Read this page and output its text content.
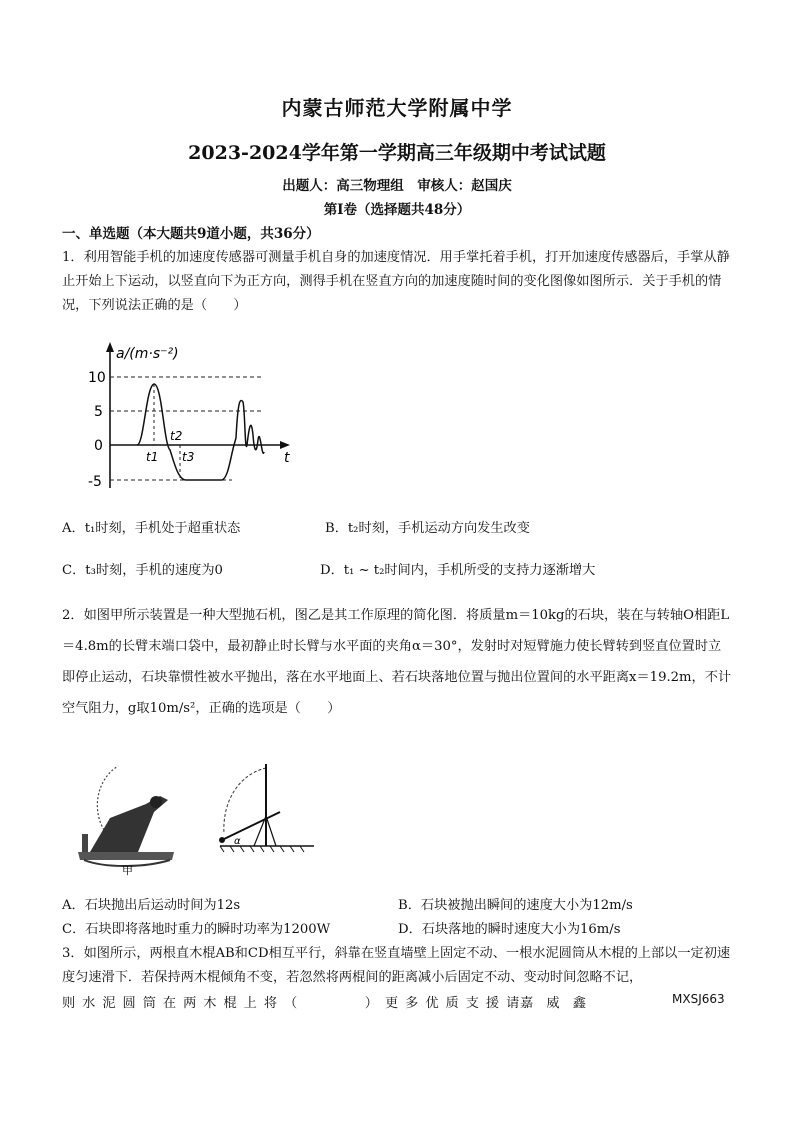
内蒙古师范大学附属中学
2023-2024学年第一学期高三年级期中考试试题
出题人：高三物理组　审核人：赵国庆
第Ⅰ卷（选择题共48分）
一、单选题（本大题共9道小题，共36分）
1．利用智能手机的加速度传感器可测量手机自身的加速度情况．用手掌托着手机，打开加速度传感器后，手掌从静止开始上下运动，以竖直向下为正方向，测得手机在竖直方向的加速度随时间的变化图像如图所示．关于手机的情况，下列说法正确的是（　　）
a/(m·s⁻²)
10
5
0
-5
t
t1
t2
t3
A．t₁时刻，手机处于超重状态	B．t₂时刻，手机运动方向发生改变
C．t₃时刻，手机的速度为0	D．t₁ ~ t₂时间内，手机所受的支持力逐渐增大
2．如图甲所示装置是一种大型抛石机，图乙是其工作原理的简化图．将质量m＝10kg的石块，装在与转轴O相距L＝4.8m的长臂末端口袋中，最初静止时长臂与水平面的夹角α＝30°，发射时对短臂施力使长臂转到竖直位置时立即停止运动，石块靠惯性被水平抛出，落在水平地面上、若石块落地位置与抛出位置间的水平距离x＝19.2m，不计空气阻力，g取10m/s²，正确的选项是（　　）
甲
α
A．石块抛出后运动时间为12s	B．石块被抛出瞬间的速度大小为12m/s
C．石块即将落地时重力的瞬时功率为1200W	D．石块落地的瞬时速度大小为16m/s
3．如图所示，两根直木棍AB和CD相互平行，斜靠在竖直墙壁上固定不动、一根水泥圆筒从木棍的上部以一定初速度匀速滑下．若保持两木棍倾角不变，若忽然将两棍间的距离减小后固定不动、变动时间忽略不记，
则水泥圆筒在两木棍上将（　　　）更多优质支援请
嘉　威　鑫	MXSJ663
